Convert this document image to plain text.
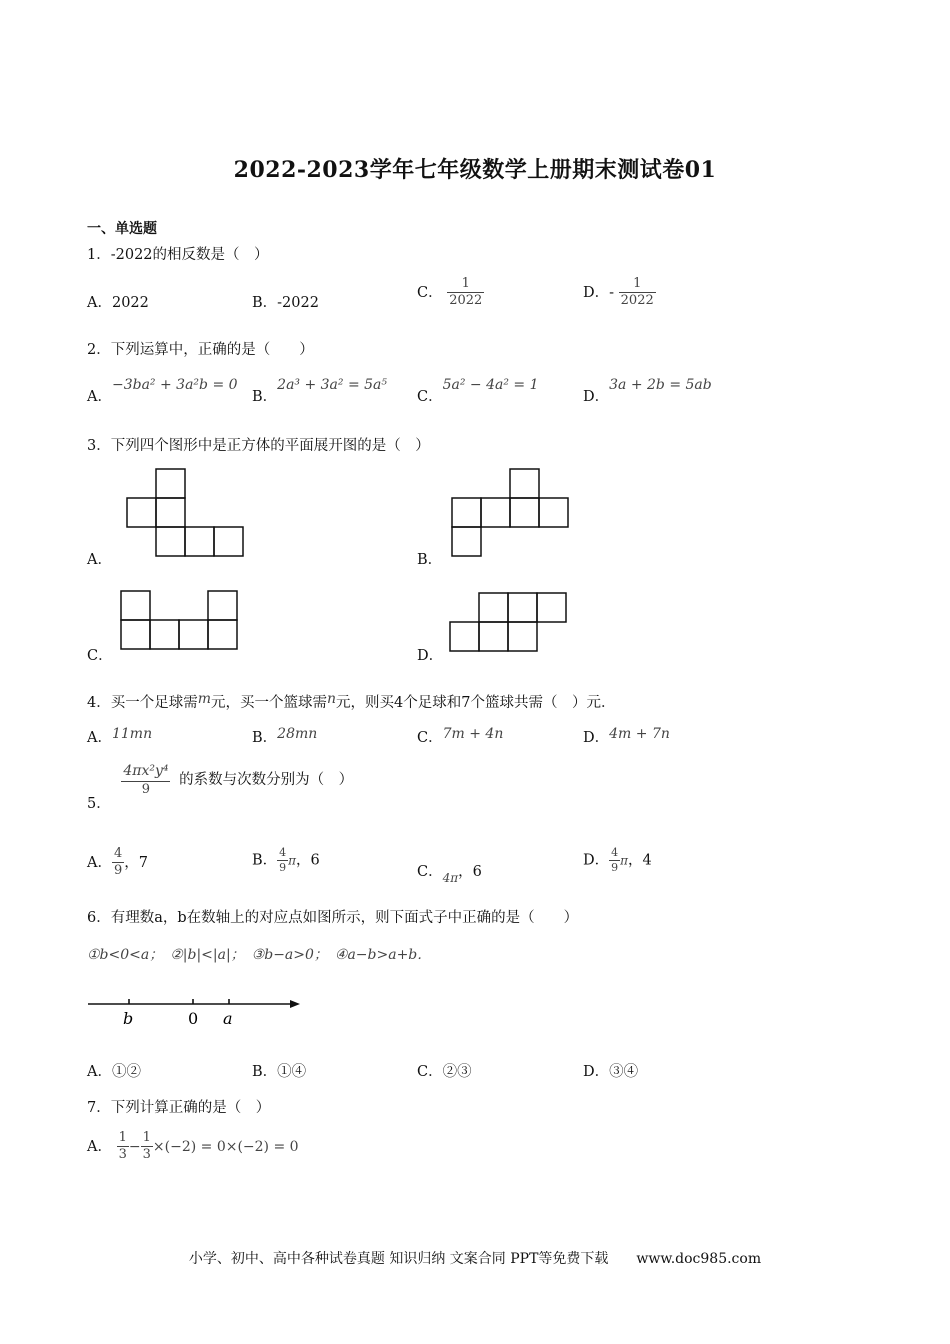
2022-2023学年七年级数学上册期末测试卷01
一、单选题
1．-2022的相反数是（　）
A．2022	B．-2022
C． $\frac{1}{2022}$	D．- $\frac{1}{2022}$
2．下列运算中，正确的是（　　）
A．−3ba² + 3a²b = 0
B．2a³ + 3a² = 5a⁵
C．5a² − 4a² = 1
D．3a + 2b = 5ab
3．下列四个图形中是正方体的平面展开图的是（　）
A．	B．
C．	D．
4．买一个足球需m元，买一个篮球需n元，则买4个足球和7个篮球共需（　）元．
A．11mn	B．28mn	C．7m + 4n	D．4m + 7n
5．
$\frac{\text{4πx²y⁴}}{9}$ 的系数与次数分别为（　）
A． $\frac{4}{9}$ ，7	B． $\frac{4}{9}$ π，6
C．$_{4\pi}$，6
D． $\frac{4}{9}$ π，4
6．有理数a，b在数轴上的对应点如图所示，则下面式子中正确的是（　　）
①b<0<a；　②|b|<|a|；　③b−a>0；　④a−b>a+b．
b	0 a
A．①②	B．①④	C．②③	D．③④
7．下列计算正确的是（　）
A． $\frac{1}{3} - \frac{1}{3} \times(-2) = 0\times(-2) = 0$
小学、初中、高中各种试卷真题 知识归纳 文案合同 PPT等免费下载　　www.doc985.com
